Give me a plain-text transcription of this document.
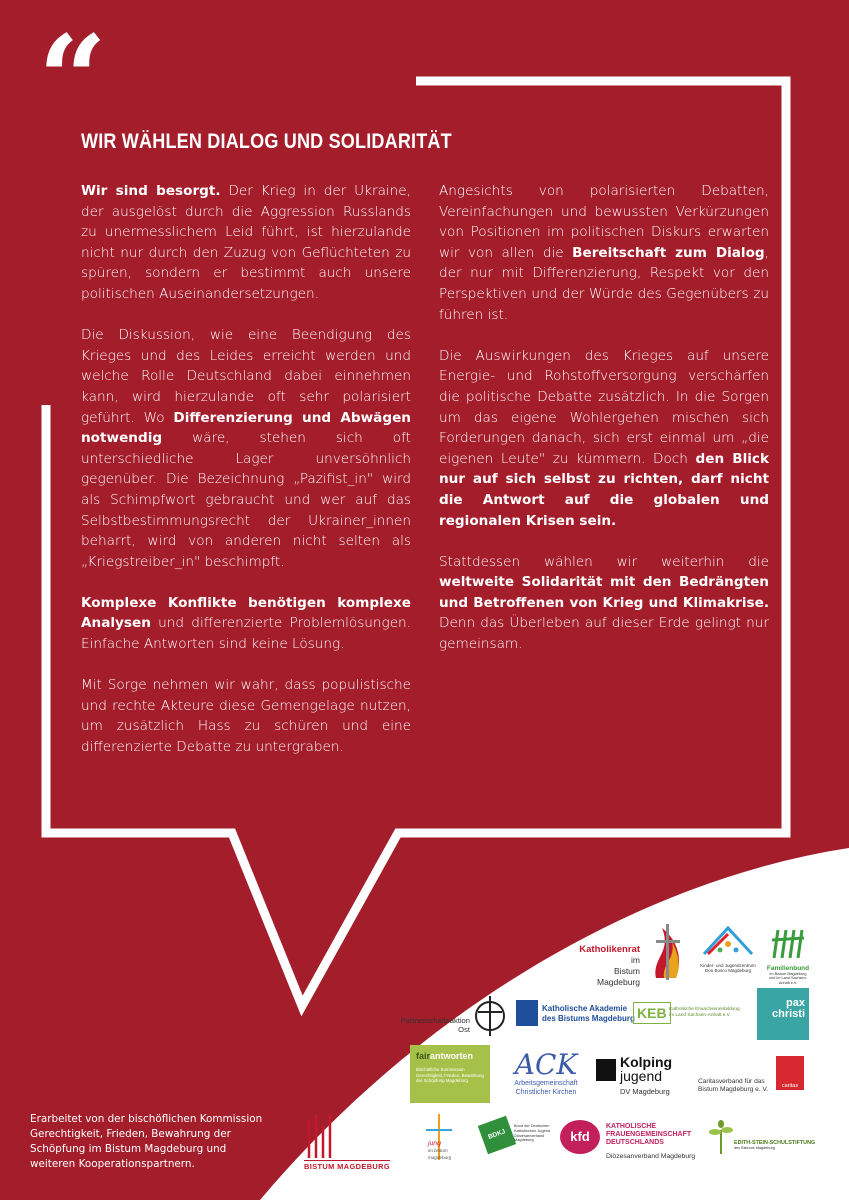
“
WIR WÄHLEN DIALOG UND SOLIDARITÄT

Wir sind besorgt. Der Krieg in der Ukraine, der ausgelöst durch die Aggression Russlands zu unermesslichem Leid führt, ist hierzulande nicht nur durch den Zuzug von Geflüchteten zu spüren, sondern er bestimmt auch unsere politischen Auseinandersetzungen.

Die Diskussion, wie eine Beendigung des Krieges und des Leides erreicht werden und welche Rolle Deutschland dabei einnehmen kann, wird hierzulande oft sehr polarisiert geführt. Wo Differenzierung und Abwägen notwendig wäre, stehen sich oft unterschiedliche Lager unversöhnlich gegenüber. Die Bezeichnung „Pazifist_in" wird als Schimpfwort gebraucht und wer auf das Selbstbestimmungsrecht der Ukrainer_innen beharrt, wird von anderen nicht selten als „Kriegstreiber_in" beschimpft.

Komplexe Konflikte benötigen komplexe Analysen und differenzierte Problemlösungen. Einfache Antworten sind keine Lösung.

Mit Sorge nehmen wir wahr, dass populistische und rechte Akteure diese Gemengelage nutzen, um zusätzlich Hass zu schüren und eine differenzierte Debatte zu untergraben.

Angesichts von polarisierten Debatten, Vereinfachungen und bewussten Verkürzungen von Positionen im politischen Diskurs erwarten wir von allen die Bereitschaft zum Dialog, der nur mit Differenzierung, Respekt vor den Perspektiven und der Würde des Gegenübers zu führen ist.

Die Auswirkungen des Krieges auf unsere Energie- und Rohstoffversorgung verschärfen die politische Debatte zusätzlich. In die Sorgen um das eigene Wohlergehen mischen sich Forderungen danach, sich erst einmal um „die eigenen Leute" zu kümmern. Doch den Blick nur auf sich selbst zu richten, darf nicht die Antwort auf die globalen und regionalen Krisen sein.

Stattdessen wählen wir weiterhin die weltweite Solidarität mit den Bedrängten und Betroffenen von Krieg und Klimakrise. Denn das Überleben auf dieser Erde gelingt nur gemeinsam.

Erarbeitet von der bischöflichen Kommission Gerechtigkeit, Frieden, Bewahrung der Schöpfung im Bistum Magdeburg und weiteren Kooperationspartnern.
Katholikenrat im
Bistum Magdeburg
Kinder- und Jugendzentrum Don Bosco Magdeburg	Familienbund
im Bistum Magdeburg und im Land Sachsen-Anhalt e.V.
Partnerschaftsaktion
Ost
Katholische Akademie
des Bistums Magdeburg KEB Katholische Erwachsenenbildung
im Land Sachsen-Anhalt e.V.
pax
christi
fairantworten
Bischöfliche Kommission Gerechtigkeit, Frieden, Bewahrung der Schöpfung Magdeburg	ACK
Arbeitsgemeinschaft
Christlicher Kirchen
Kolping
jugend
DV Magdeburg
caritas
Caritasverband für das
Bistum Magdeburg e. V.
BISTUM MAGDEBURG
jung
im bistum magdeburg
BDKJ
Bund der Deutschen Katholischen Jugend Diözesanverband Magdeburg	kfd
KATHOLISCHE
FRAUENGEMEINSCHAFT
DEUTSCHLANDS
Diözesanverband Magdeburg
EDITH-STEIN-SCHULSTIFTUNG
des Bistums Magdeburg
